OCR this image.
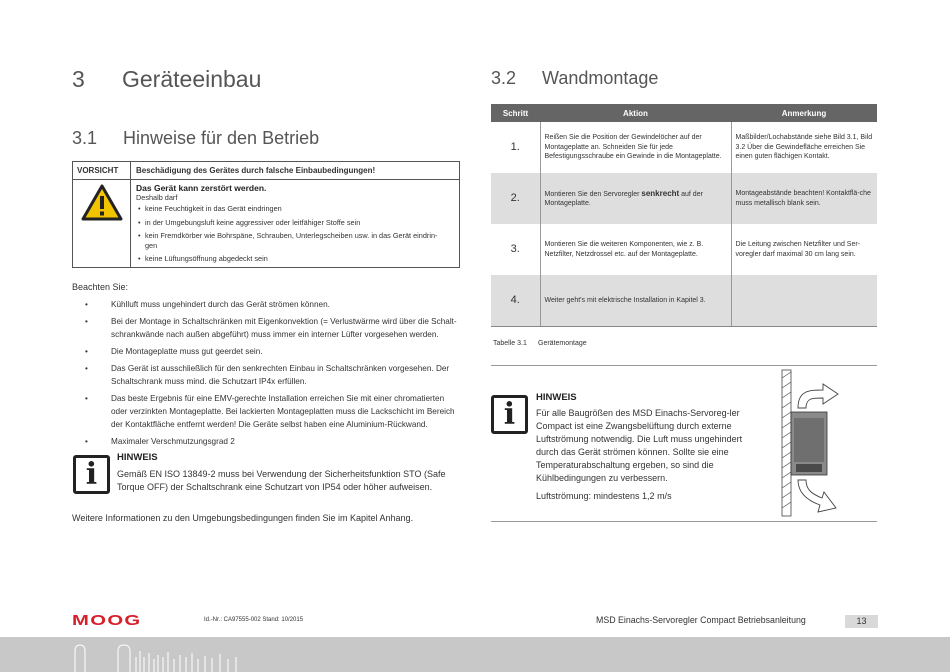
3 Geräteeinbau
3.1 Hinweise für den Betrieb
VORSICHT	Beschädigung des Gerätes durch falsche Einbaubedingungen!
Das Gerät kann zerstört werden.
Deshalb darf
• keine Feuchtigkeit in das Gerät eindringen
• in der Umgebungsluft keine aggressiver oder leitfähiger Stoffe sein
• kein Fremdkörber wie Bohrspäne, Schrauben, Unterlegscheiben usw. in das Gerät eindrin-gen
• keine Lüftungsöffnung abgedeckt sein
Beachten Sie:
• Kühlluft muss ungehindert durch das Gerät strömen können.
• Bei der Montage in Schaltschränken mit Eigenkonvektion (= Verlustwärme wird über die Schalt-schrankwände nach außen abgeführt) muss immer ein interner Lüfter vorgesehen werden.
• Die Montageplatte muss gut geerdet sein.
• Das Gerät ist ausschließlich für den senkrechten Einbau in Schaltschränken vorgesehen. Der Schaltschrank muss mind. die Schutzart IP4x erfüllen.
• Das beste Ergebnis für eine EMV-gerechte Installation erreichen Sie mit einer chromatierten oder verzinkten Montageplatte. Bei lackierten Montageplatten muss die Lackschicht im Bereich der Kontaktfläche entfernt werden! Die Geräte selbst haben eine Aluminium-Rückwand.
• Maximaler Verschmutzungsgrad 2
i	HINWEIS
Gemäß EN ISO 13849-2 muss bei Verwendung der Sicherheitsfunktion STO (Safe Torque OFF) der Schaltschrank eine Schutzart von IP54 oder höher aufweisen.
Weitere Informationen zu den Umgebungsbedingungen finden Sie im Kapitel Anhang.
3.2 Wandmontage
Schritt	Aktion	Anmerkung
1.	Reißen Sie die Position der Gewindelöcher auf der Montageplatte an. Schneiden Sie für jede Befestigungsschraube ein Gewinde in die Montageplatte.	Maßbilder/Lochabstände siehe Bild 3.1, Bild 3.2 Über die Gewindefläche erreichen Sie einen guten flächigen Kontakt.
2.	Montieren Sie den Servoregler senkrecht auf der Montageplatte.	Montageabstände beachten! Kontaktflä-che muss metallisch blank sein.
3.	Montieren Sie die weiteren Komponenten, wie z. B. Netzfilter, Netzdrossel etc. auf der Montageplatte.	Die Leitung zwischen Netzfilter und Ser-voregler darf maximal 30 cm lang sein.
4.	Weiter geht's mit elektrische Installation in Kapitel 3.	
Tabelle 3.1 Gerätemontage
i	HINWEIS
Für alle Baugrößen des MSD Einachs-Servoreg-ler Compact ist eine Zwangsbelüftung durch externe Luftströmung notwendig. Die Luft muss ungehindert durch das Gerät strömen können. Sollte sie eine Temperaturabschaltung ergeben, so sind die Kühlbedingungen zu verbessern.
Luftströmung: mindestens 1,2 m/s
MOOG	Id.-Nr.: CA97555-002 Stand: 10/2015	MSD Einachs-Servoregler Compact Betriebsanleitung	13
